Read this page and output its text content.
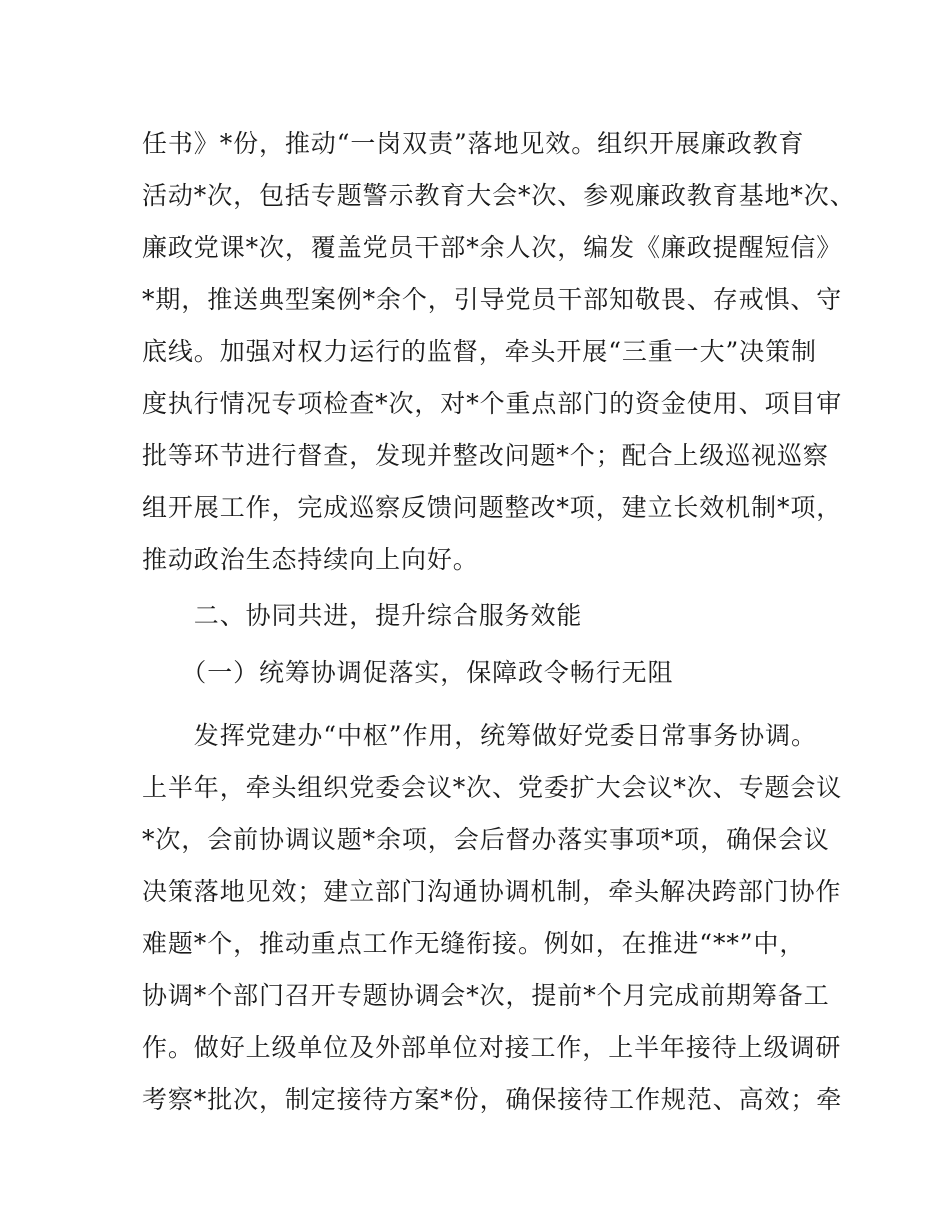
任书》*份，推动“一岗双责”落地见效。组织开展廉政教育
活动*次，包括专题警示教育大会*次、参观廉政教育基地*次、
廉政党课*次，覆盖党员干部*余人次，编发《廉政提醒短信》
*期，推送典型案例*余个，引导党员干部知敬畏、存戒惧、守
底线。加强对权力运行的监督，牵头开展“三重一大”决策制
度执行情况专项检查*次，对*个重点部门的资金使用、项目审
批等环节进行督查，发现并整改问题*个；配合上级巡视巡察
组开展工作，完成巡察反馈问题整改*项，建立长效机制*项，
推动政治生态持续向上向好。
　　二、协同共进，提升综合服务效能
　　（一）统筹协调促落实，保障政令畅行无阻
　　发挥党建办“中枢”作用，统筹做好党委日常事务协调。
上半年，牵头组织党委会议*次、党委扩大会议*次、专题会议
*次，会前协调议题*余项，会后督办落实事项*项，确保会议
决策落地见效；建立部门沟通协调机制，牵头解决跨部门协作
难题*个，推动重点工作无缝衔接。例如，在推进“**”中，
协调*个部门召开专题协调会*次，提前*个月完成前期筹备工
作。做好上级单位及外部单位对接工作，上半年接待上级调研
考察*批次，制定接待方案*份，确保接待工作规范、高效；牵
